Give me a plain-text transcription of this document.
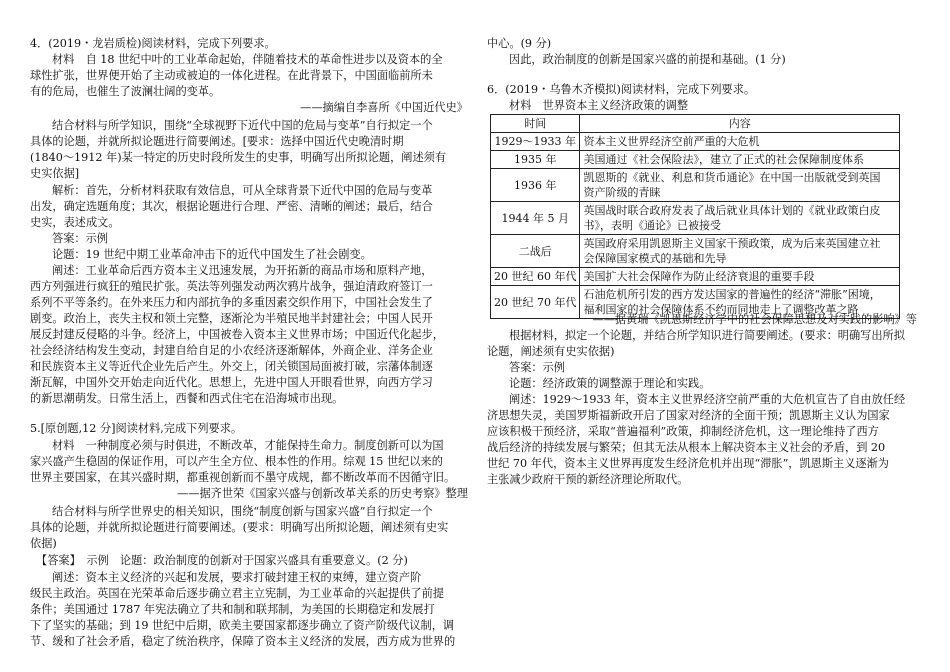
4．(2019・龙岩质检)阅读材料，完成下列要求。
材料　自 18 世纪中叶的工业革命起始，伴随着技术的革命性进步以及资本的全
球性扩张，世界便开始了主动或被迫的一体化进程。在此背景下，中国面临前所未
有的危局，也催生了波澜壮阔的变革。
——摘编自李喜所《中国近代史》
结合材料与所学知识，围绕“全球视野下近代中国的危局与变革”自行拟定一个
具体的论题，并就所拟论题进行简要阐述。[要求：选择中国近代史晚清时期
(1840～1912 年)某一特定的历史时段所发生的史事，明确写出所拟论题，阐述须有
史实依据]
解析：首先，分析材料获取有效信息，可从全球背景下近代中国的危局与变革
出发，确定选题角度；其次，根据论题进行合理、严密、清晰的阐述；最后，结合
史实，表述成文。
答案：示例
论题：19 世纪中期工业革命冲击下的近代中国发生了社会剧变。
阐述：工业革命后西方资本主义迅速发展，为开拓新的商品市场和原料产地，
西方列强进行疯狂的殖民扩张。英法等列强发动两次鸦片战争，强迫清政府签订一
系列不平等条约。在外来压力和内部抗争的多重因素交织作用下，中国社会发生了
剧变。政治上，丧失主权和领土完整，逐渐沦为半殖民地半封建社会；中国人民开
展反封建反侵略的斗争。经济上，中国被卷入资本主义世界市场；中国近代化起步，
社会经济结构发生变动，封建自给自足的小农经济逐渐解体，外商企业、洋务企业
和民族资本主义等近代企业先后产生。外交上，闭关锁国局面被打破，宗藩体制逐
渐瓦解，中国外交开始走向近代化。思想上，先进中国人开眼看世界，向西方学习
的新思潮萌发。日常生活上，西餐和西式住宅在沿海城市出现。
5.[原创题,12 分]阅读材料,完成下列要求。
材料　一种制度必须与时俱进，不断改革，才能保持生命力。制度创新可以为国
家兴盛产生稳固的保证作用，可以产生全方位、根本性的作用。综观 15 世纪以来的
世界主要国家，在其兴盛时期，都重视创新而不墨守成规，都不断改革而不因循守旧。
——据齐世荣《国家兴盛与创新改革关系的历史考察》整理
结合材料与所学世界史的相关知识，围绕“制度创新与国家兴盛”自行拟定一个
具体的论题，并就所拟论题进行简要阐述。(要求：明确写出所拟论题，阐述须有史实
依据)
【答案】　示例　论题：政治制度的创新对于国家兴盛具有重要意义。(2 分)
阐述：资本主义经济的兴起和发展，要求打破封建王权的束缚，建立资产阶
级民主政治。英国在光荣革命后逐步确立君主立宪制，为工业革命的兴起提供了前提
条件；美国通过 1787 年宪法确立了共和制和联邦制，为美国的长期稳定和发展打
下了坚实的基础；到 19 世纪中后期，欧美主要国家都逐步确立了资产阶级代议制，调
节、缓和了社会矛盾，稳定了统治秩序，保障了资本主义经济的发展，西方成为世界的
中心。(9 分)
因此，政治制度的创新是国家兴盛的前提和基础。(1 分)
6．(2019・乌鲁木齐模拟)阅读材料，完成下列要求。
材料　世界资本主义经济政策的调整
时间	内容
1929～1933 年	资本主义世界经济空前严重的大危机
1935 年	美国通过《社会保险法》，建立了正式的社会保障制度体系
1936 年	凯恩斯的《就业、利息和货币通论》在中国一出版就受到英国
资产阶级的青睐
1944 年 5 月	英国战时联合政府发表了战后就业具体计划的《就业政策白皮
书》，表明《通论》已被接受
二战后	英国政府采用凯恩斯主义国家干预政策，成为后来英国建立社
会保障国家模式的基础和先导
20 世纪 60 年代	美国扩大社会保障作为防止经济衰退的重要手段
20 世纪 70 年代	石油危机所引发的西方发达国家的普遍性的经济“滞胀”困境，
福利国家的社会保障体系不约而同地走上了调整改革之路
——据黄瑞《凯恩斯经济学中的社会保障思想及对实践的影响》等
根据材料，拟定一个论题，并结合所学知识进行简要阐述。(要求：明确写出所拟
论题，阐述须有史实依据)
答案：示例
论题：经济政策的调整源于理论和实践。
阐述：1929～1933 年，资本主义世界经济空前严重的大危机宣告了自由放任经
济思想失灵，美国罗斯福新政开启了国家对经济的全面干预；凯恩斯主义认为国家
应该积极干预经济，采取“普遍福利”政策，抑制经济危机，这一理论维持了西方
战后经济的持续发展与繁荣；但其无法从根本上解决资本主义社会的矛盾，到 20
世纪 70 年代，资本主义世界再度发生经济危机并出现“滞胀”，凯恩斯主义逐渐为
主张减少政府干预的新经济理论所取代。
